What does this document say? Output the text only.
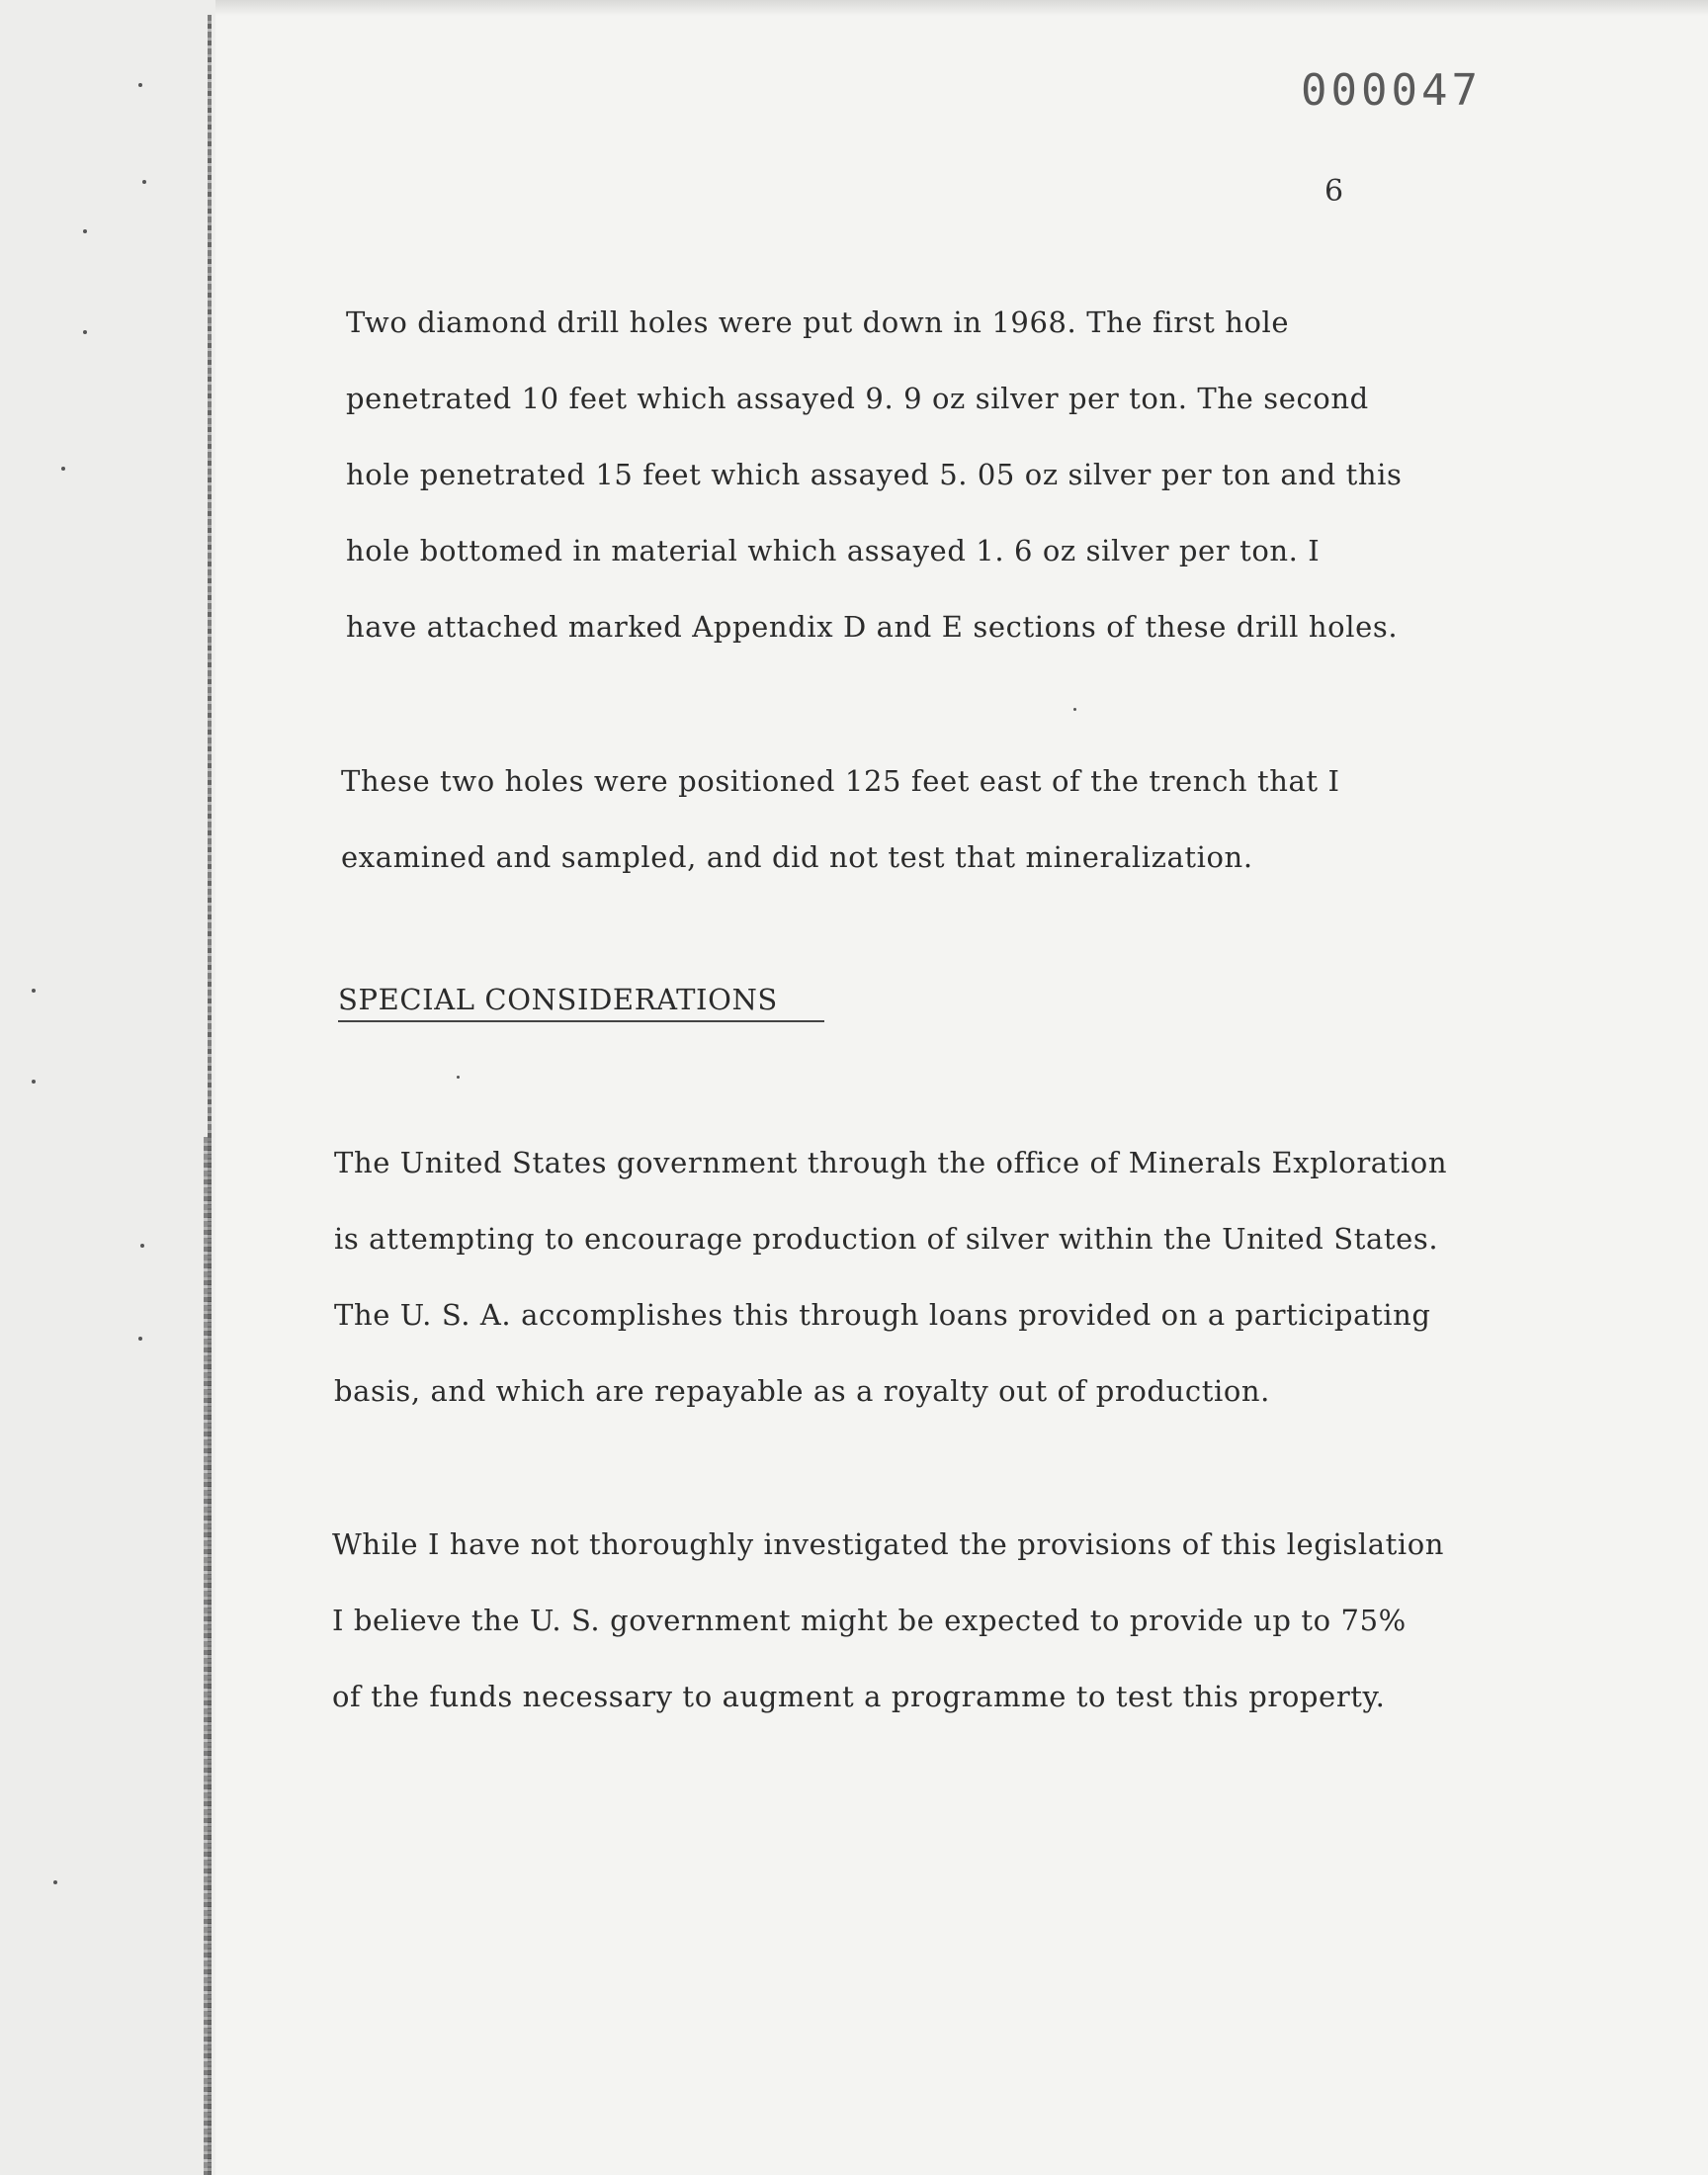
000047
6
Two diamond drill holes were put down in 1968. The first hole
penetrated 10 feet which assayed 9. 9 oz silver per ton. The second
hole penetrated 15 feet which assayed 5. 05 oz silver per ton and this
hole bottomed in material which assayed 1. 6 oz silver per ton. I
have attached marked Appendix D and E sections of these drill holes.
These two holes were positioned 125 feet east of the trench that I
examined and sampled, and did not test that mineralization.
SPECIAL CONSIDERATIONS
The United States government through the office of Minerals Exploration
is attempting to encourage production of silver within the United States.
The U. S. A. accomplishes this through loans provided on a participating
basis, and which are repayable as a royalty out of production.
While I have not thoroughly investigated the provisions of this legislation
I believe the U. S. government might be expected to provide up to 75%
of the funds necessary to augment a programme to test this property.
